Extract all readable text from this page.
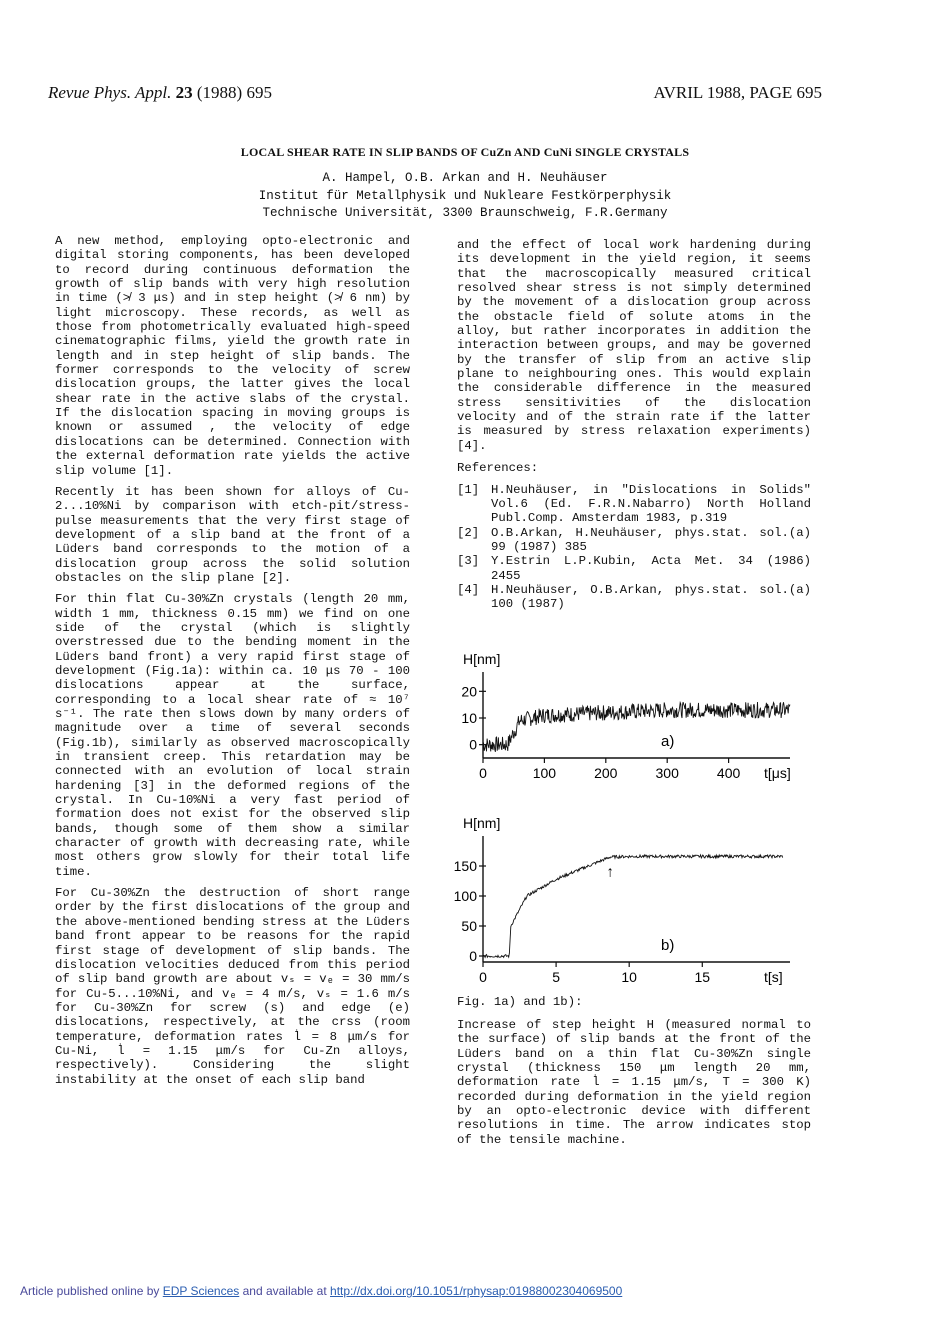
Revue Phys. Appl. 23 (1988) 695	AVRIL 1988, PAGE 695
LOCAL SHEAR RATE IN SLIP BANDS OF CuZn AND CuNi SINGLE CRYSTALS
A. Hampel, O.B. Arkan and H. Neuhäuser
Institut für Metallphysik und Nukleare Festkörperphysik
Technische Universität, 3300 Braunschweig, F.R.Germany

A new method, employing opto-electronic and digital storing components, has been developed to record during continuous deformation the growth of slip bands with very high resolution in time (≯ 3 μs) and in step height (≯ 6 nm) by light microscopy. These records, as well as those from photometrically evaluated high-speed cinematographic films, yield the growth rate in length and in step height of slip bands. The former corresponds to the velocity of screw dislocation groups, the latter gives the local shear rate in the active slabs of the crystal. If the dislocation spacing in moving groups is known or assumed , the velocity of edge dislocations can be determined. Connection with the external deformation rate yields the active slip volume [1].

Recently it has been shown for alloys of Cu-2...10%Ni by comparison with etch-pit/stress-pulse measurements that the very first stage of development of a slip band at the front of a Lüders band corresponds to the motion of a dislocation group across the solid solution obstacles on the slip plane [2].

For thin flat Cu-30%Zn crystals (length 20 mm, width 1 mm, thickness 0.15 mm) we find on one side of the crystal (which is slightly overstressed due to the bending moment in the Lüders band front) a very rapid first stage of development (Fig.1a): within ca. 10 μs 70 - 100 dislocations appear at the surface, corresponding to a local shear rate of ≈ 10⁷ s⁻¹. The rate then slows down by many orders of magnitude over a time of several seconds (Fig.1b), similarly as observed macroscopically in transient creep. This retardation may be connected with an evolution of local strain hardening [3] in the deformed regions of the crystal. In Cu-10%Ni a very fast period of formation does not exist for the observed slip bands, though some of them show a similar character of growth with decreasing rate, while most others grow slowly for their total life time.

For Cu-30%Zn the destruction of short range order by the first dislocations of the group and the above-mentioned bending stress at the Lüders band front appear to be reasons for the rapid first stage of development of slip bands. The dislocation velocities deduced from this period of slip band growth are about vₛ = vₑ = 30 mm/s for Cu-5...10%Ni, and vₑ = 4 m/s, vₛ = 1.6 m/s for Cu-30%Zn for screw (s) and edge (e) dislocations, respectively, at the crss (room temperature, deformation rates l̇ = 8 μm/s for Cu-Ni, l̇ = 1.15 μm/s for Cu-Zn alloys, respectively). Considering the slight instability at the onset of each slip band

and the effect of local work hardening during its development in the yield region, it seems that the macroscopically measured critical resolved shear stress is not simply determined by the movement of a dislocation group across the obstacle field of solute atoms in the alloy, but rather incorporates in addition the interaction between groups, and may be governed by the transfer of slip from an active slip plane to neighbouring ones. This would explain the considerable difference in the measured stress sensitivities of the dislocation velocity and of the strain rate if the latter is measured by stress relaxation experiments) [4].

References:
[1] H.Neuhäuser, in "Dislocations in Solids" Vol.6 (Ed. F.R.N.Nabarro) North Holland Publ.Comp. Amsterdam 1983, p.319
[2] O.B.Arkan, H.Neuhäuser, phys.stat. sol.(a) 99 (1987) 385
[3] Y.Estrin L.P.Kubin, Acta Met. 34 (1986) 2455
[4] H.Neuhäuser, O.B.Arkan, phys.stat. sol.(a) 100 (1987)
0
10
20
0	100	200	300	400
H[nm]
t[μs]
a)
0
50
100
150
0	5	10	15
H[nm]
t[s]
b)
↑
Fig. 1a) and 1b):
Increase of step height H (measured normal to the surface) of slip bands at the front of the Lüders band on a thin flat Cu-30%Zn single crystal (thickness 150 μm length 20 mm, deformation rate l̇ = 1.15 μm/s, T = 300 K) recorded during deformation in the yield region by an opto-electronic device with different resolutions in time. The arrow indicates stop of the tensile machine.
Article published online by EDP Sciences and available at http://dx.doi.org/10.1051/rphysap:01988002304069500
